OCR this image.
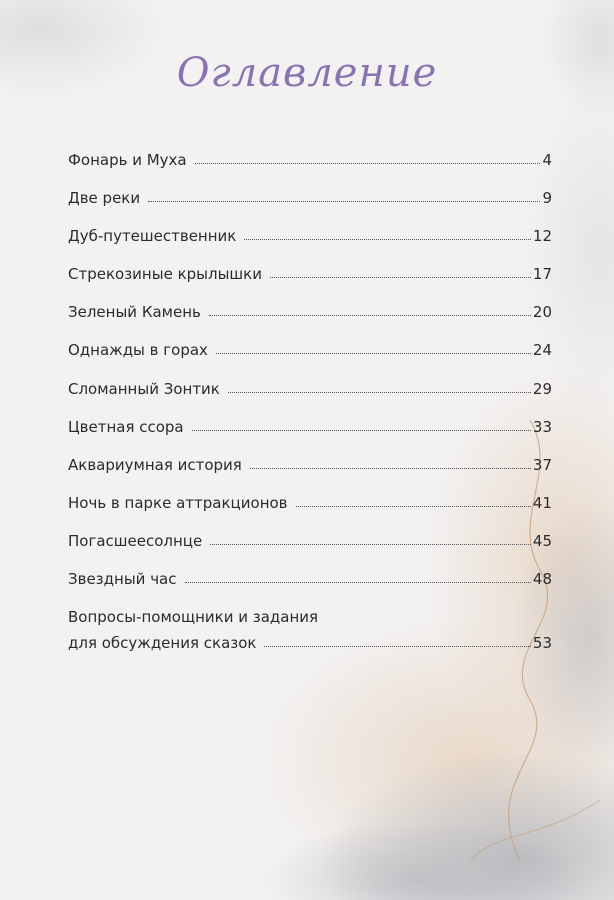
Оглавление
Фонарь и Муха	4
Две реки	9
Дуб-путешественник	12
Стрекозиные крылышки	17
Зеленый Камень	20
Однажды в горах	24
Сломанный Зонтик	29
Цветная ссора	33
Аквариумная история	37
Ночь в парке аттракционов	41
Погасшеесолнце	45
Звездный час	48
Вопросы-помощники и задания
для обсуждения сказок	53
